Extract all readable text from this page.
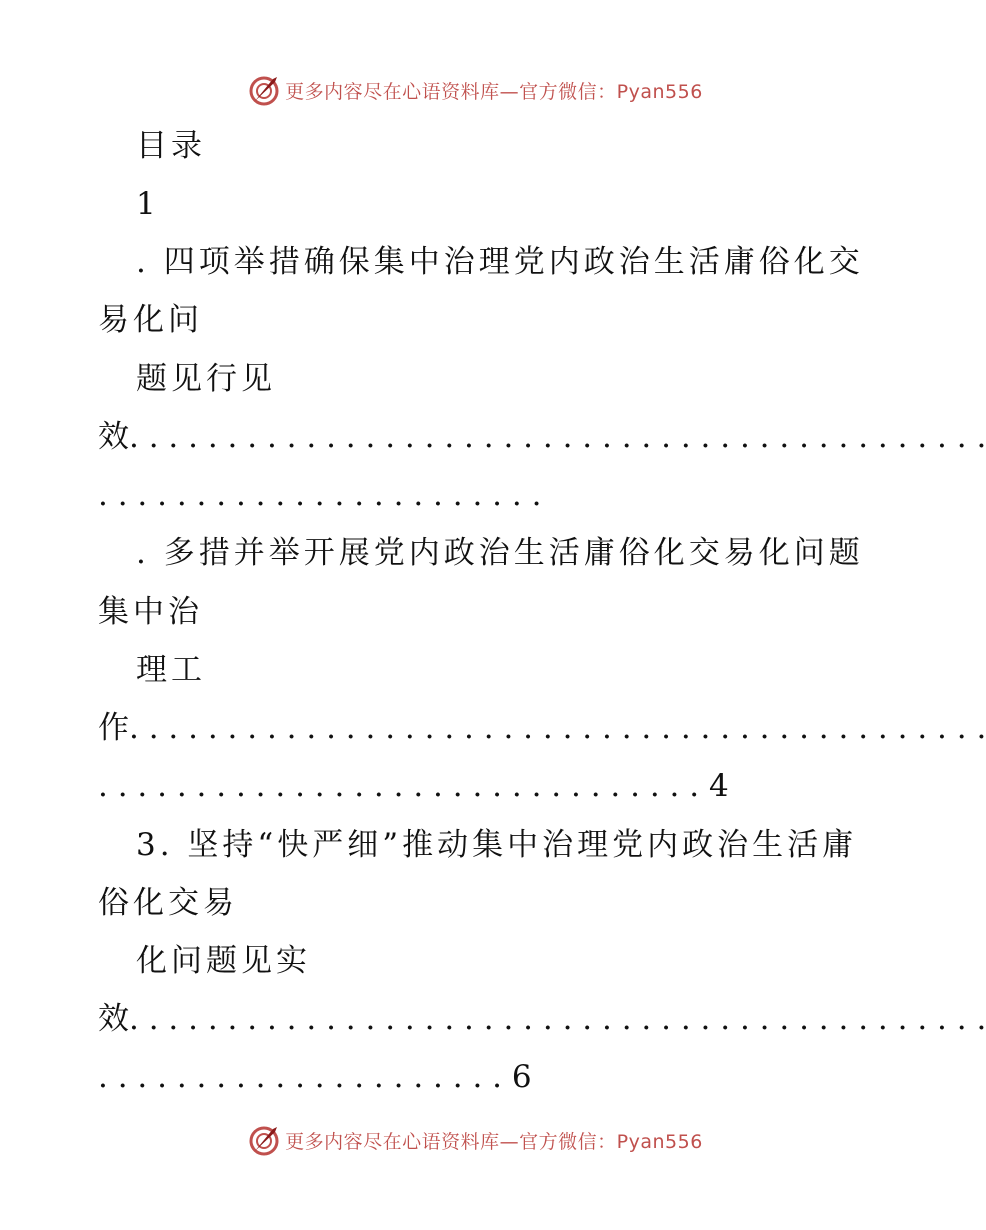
更多内容尽在心语资料库 —官方微信：Pyan556
目录
1
. 四项举措确保集中治理党内政治生活庸俗化交
易化问
题见行见
效. . . . . . . . . . . . . . . . . . . . . . . . . . . . . . . . . . . . . . . . . . . .
. . . . . . . . . . . . . . . . . . . . . . .
. 多措并举开展党内政治生活庸俗化交易化问题
集中治
理工
作. . . . . . . . . . . . . . . . . . . . . . . . . . . . . . . . . . . . . . . . . . . .
. . . . . . . . . . . . . . . . . . . . . . . . . . . . . . . 4
3. 坚持“快严细”推动集中治理党内政治生活庸
俗化交易
化问题见实
效. . . . . . . . . . . . . . . . . . . . . . . . . . . . . . . . . . . . . . . . . . . .
. . . . . . . . . . . . . . . . . . . . . 6
更多内容尽在心语资料库 —官方微信：Pyan556
